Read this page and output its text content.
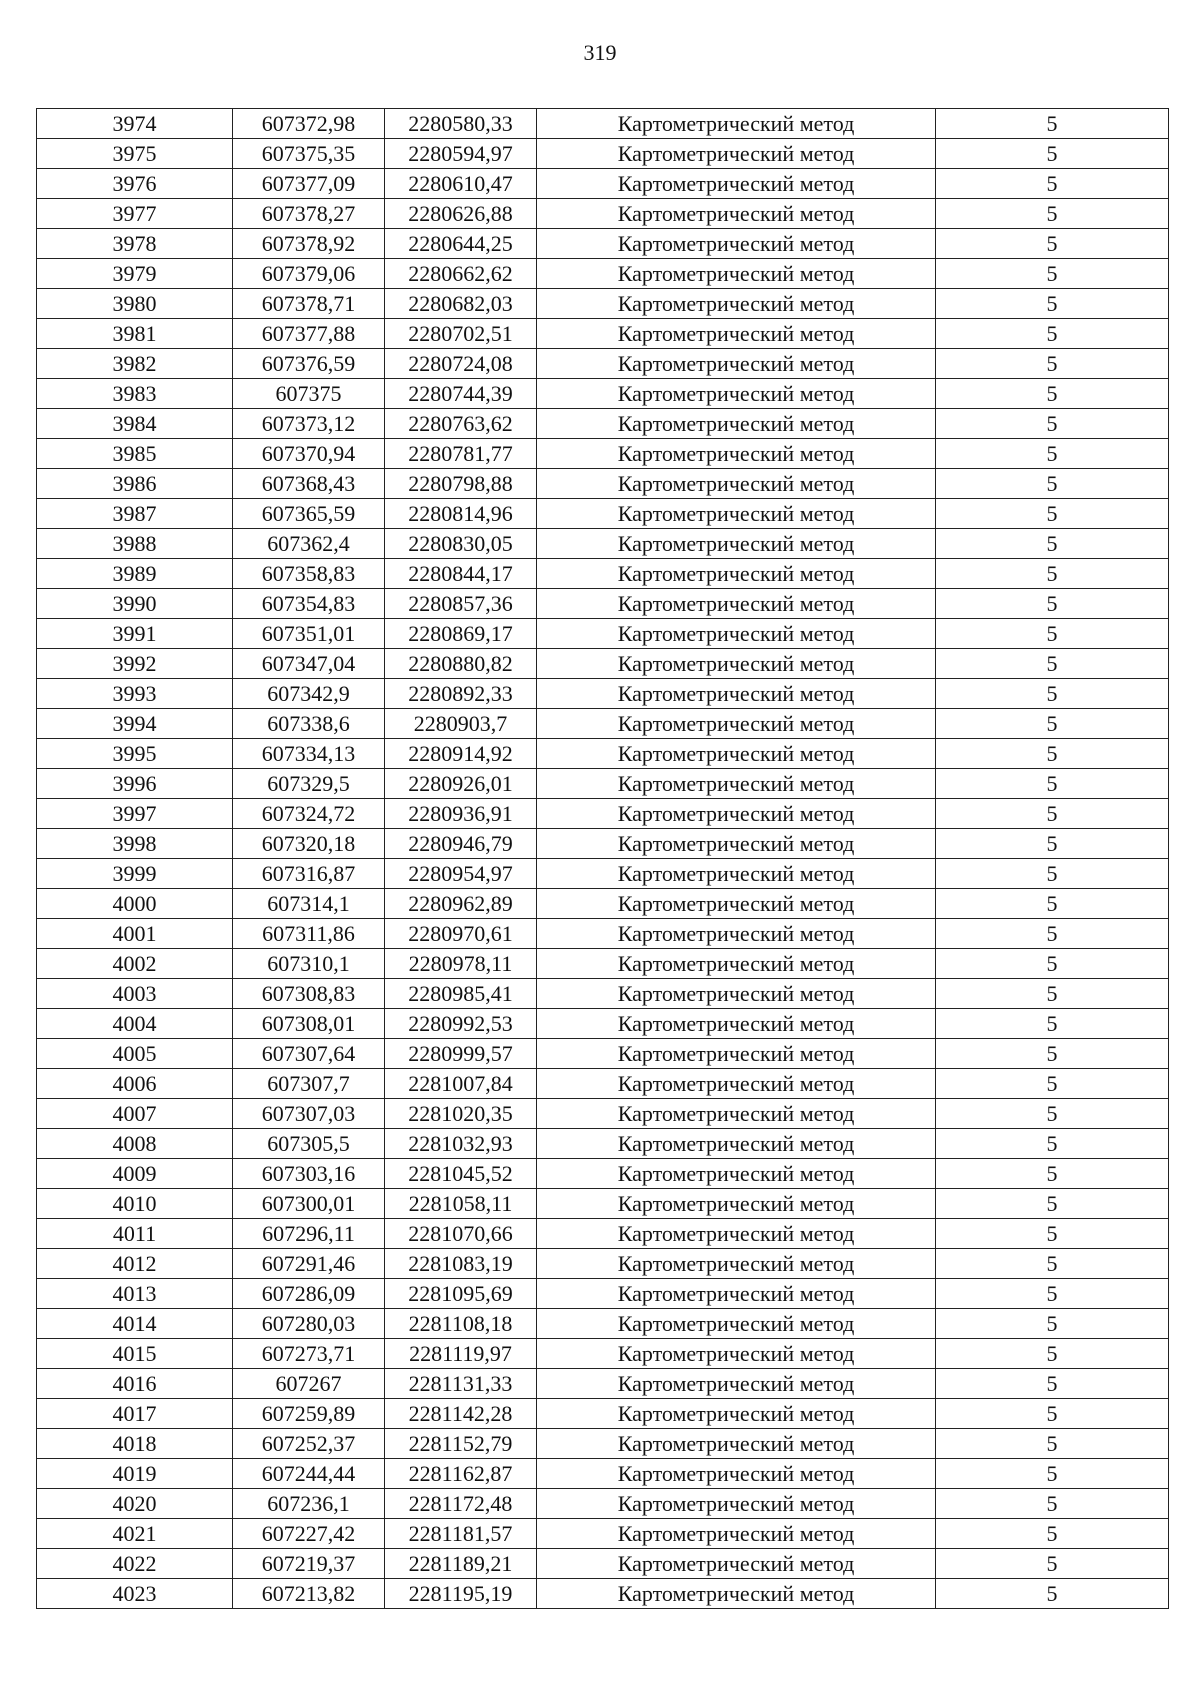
319
3974	607372,98	2280580,33	Картометрический метод	5
3975	607375,35	2280594,97	Картометрический метод	5
3976	607377,09	2280610,47	Картометрический метод	5
3977	607378,27	2280626,88	Картометрический метод	5
3978	607378,92	2280644,25	Картометрический метод	5
3979	607379,06	2280662,62	Картометрический метод	5
3980	607378,71	2280682,03	Картометрический метод	5
3981	607377,88	2280702,51	Картометрический метод	5
3982	607376,59	2280724,08	Картометрический метод	5
3983	607375	2280744,39	Картометрический метод	5
3984	607373,12	2280763,62	Картометрический метод	5
3985	607370,94	2280781,77	Картометрический метод	5
3986	607368,43	2280798,88	Картометрический метод	5
3987	607365,59	2280814,96	Картометрический метод	5
3988	607362,4	2280830,05	Картометрический метод	5
3989	607358,83	2280844,17	Картометрический метод	5
3990	607354,83	2280857,36	Картометрический метод	5
3991	607351,01	2280869,17	Картометрический метод	5
3992	607347,04	2280880,82	Картометрический метод	5
3993	607342,9	2280892,33	Картометрический метод	5
3994	607338,6	2280903,7	Картометрический метод	5
3995	607334,13	2280914,92	Картометрический метод	5
3996	607329,5	2280926,01	Картометрический метод	5
3997	607324,72	2280936,91	Картометрический метод	5
3998	607320,18	2280946,79	Картометрический метод	5
3999	607316,87	2280954,97	Картометрический метод	5
4000	607314,1	2280962,89	Картометрический метод	5
4001	607311,86	2280970,61	Картометрический метод	5
4002	607310,1	2280978,11	Картометрический метод	5
4003	607308,83	2280985,41	Картометрический метод	5
4004	607308,01	2280992,53	Картометрический метод	5
4005	607307,64	2280999,57	Картометрический метод	5
4006	607307,7	2281007,84	Картометрический метод	5
4007	607307,03	2281020,35	Картометрический метод	5
4008	607305,5	2281032,93	Картометрический метод	5
4009	607303,16	2281045,52	Картометрический метод	5
4010	607300,01	2281058,11	Картометрический метод	5
4011	607296,11	2281070,66	Картометрический метод	5
4012	607291,46	2281083,19	Картометрический метод	5
4013	607286,09	2281095,69	Картометрический метод	5
4014	607280,03	2281108,18	Картометрический метод	5
4015	607273,71	2281119,97	Картометрический метод	5
4016	607267	2281131,33	Картометрический метод	5
4017	607259,89	2281142,28	Картометрический метод	5
4018	607252,37	2281152,79	Картометрический метод	5
4019	607244,44	2281162,87	Картометрический метод	5
4020	607236,1	2281172,48	Картометрический метод	5
4021	607227,42	2281181,57	Картометрический метод	5
4022	607219,37	2281189,21	Картометрический метод	5
4023	607213,82	2281195,19	Картометрический метод	5
